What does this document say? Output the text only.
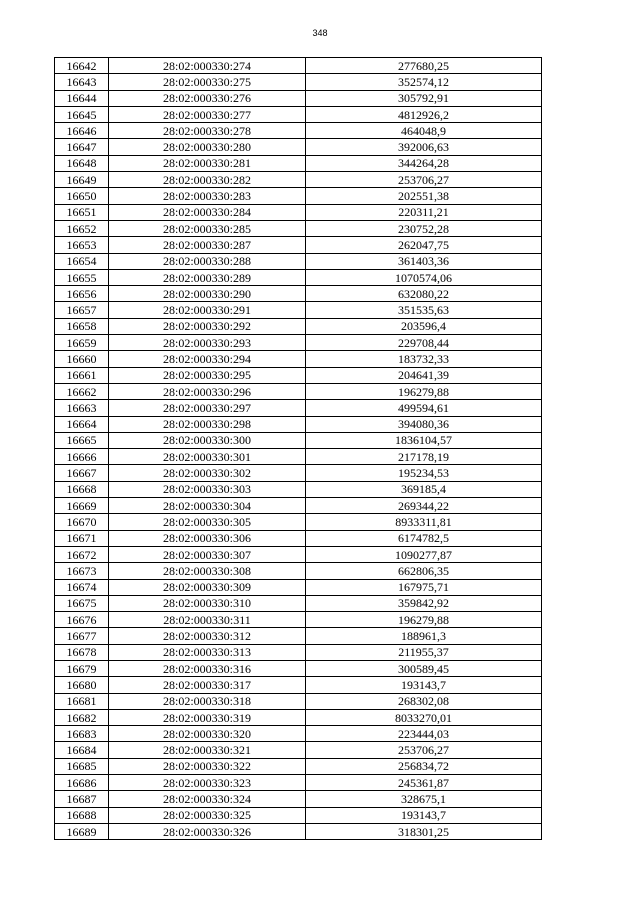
348
16642	28:02:000330:274	277680,25
16643	28:02:000330:275	352574,12
16644	28:02:000330:276	305792,91
16645	28:02:000330:277	4812926,2
16646	28:02:000330:278	464048,9
16647	28:02:000330:280	392006,63
16648	28:02:000330:281	344264,28
16649	28:02:000330:282	253706,27
16650	28:02:000330:283	202551,38
16651	28:02:000330:284	220311,21
16652	28:02:000330:285	230752,28
16653	28:02:000330:287	262047,75
16654	28:02:000330:288	361403,36
16655	28:02:000330:289	1070574,06
16656	28:02:000330:290	632080,22
16657	28:02:000330:291	351535,63
16658	28:02:000330:292	203596,4
16659	28:02:000330:293	229708,44
16660	28:02:000330:294	183732,33
16661	28:02:000330:295	204641,39
16662	28:02:000330:296	196279,88
16663	28:02:000330:297	499594,61
16664	28:02:000330:298	394080,36
16665	28:02:000330:300	1836104,57
16666	28:02:000330:301	217178,19
16667	28:02:000330:302	195234,53
16668	28:02:000330:303	369185,4
16669	28:02:000330:304	269344,22
16670	28:02:000330:305	8933311,81
16671	28:02:000330:306	6174782,5
16672	28:02:000330:307	1090277,87
16673	28:02:000330:308	662806,35
16674	28:02:000330:309	167975,71
16675	28:02:000330:310	359842,92
16676	28:02:000330:311	196279,88
16677	28:02:000330:312	188961,3
16678	28:02:000330:313	211955,37
16679	28:02:000330:316	300589,45
16680	28:02:000330:317	193143,7
16681	28:02:000330:318	268302,08
16682	28:02:000330:319	8033270,01
16683	28:02:000330:320	223444,03
16684	28:02:000330:321	253706,27
16685	28:02:000330:322	256834,72
16686	28:02:000330:323	245361,87
16687	28:02:000330:324	328675,1
16688	28:02:000330:325	193143,7
16689	28:02:000330:326	318301,25
